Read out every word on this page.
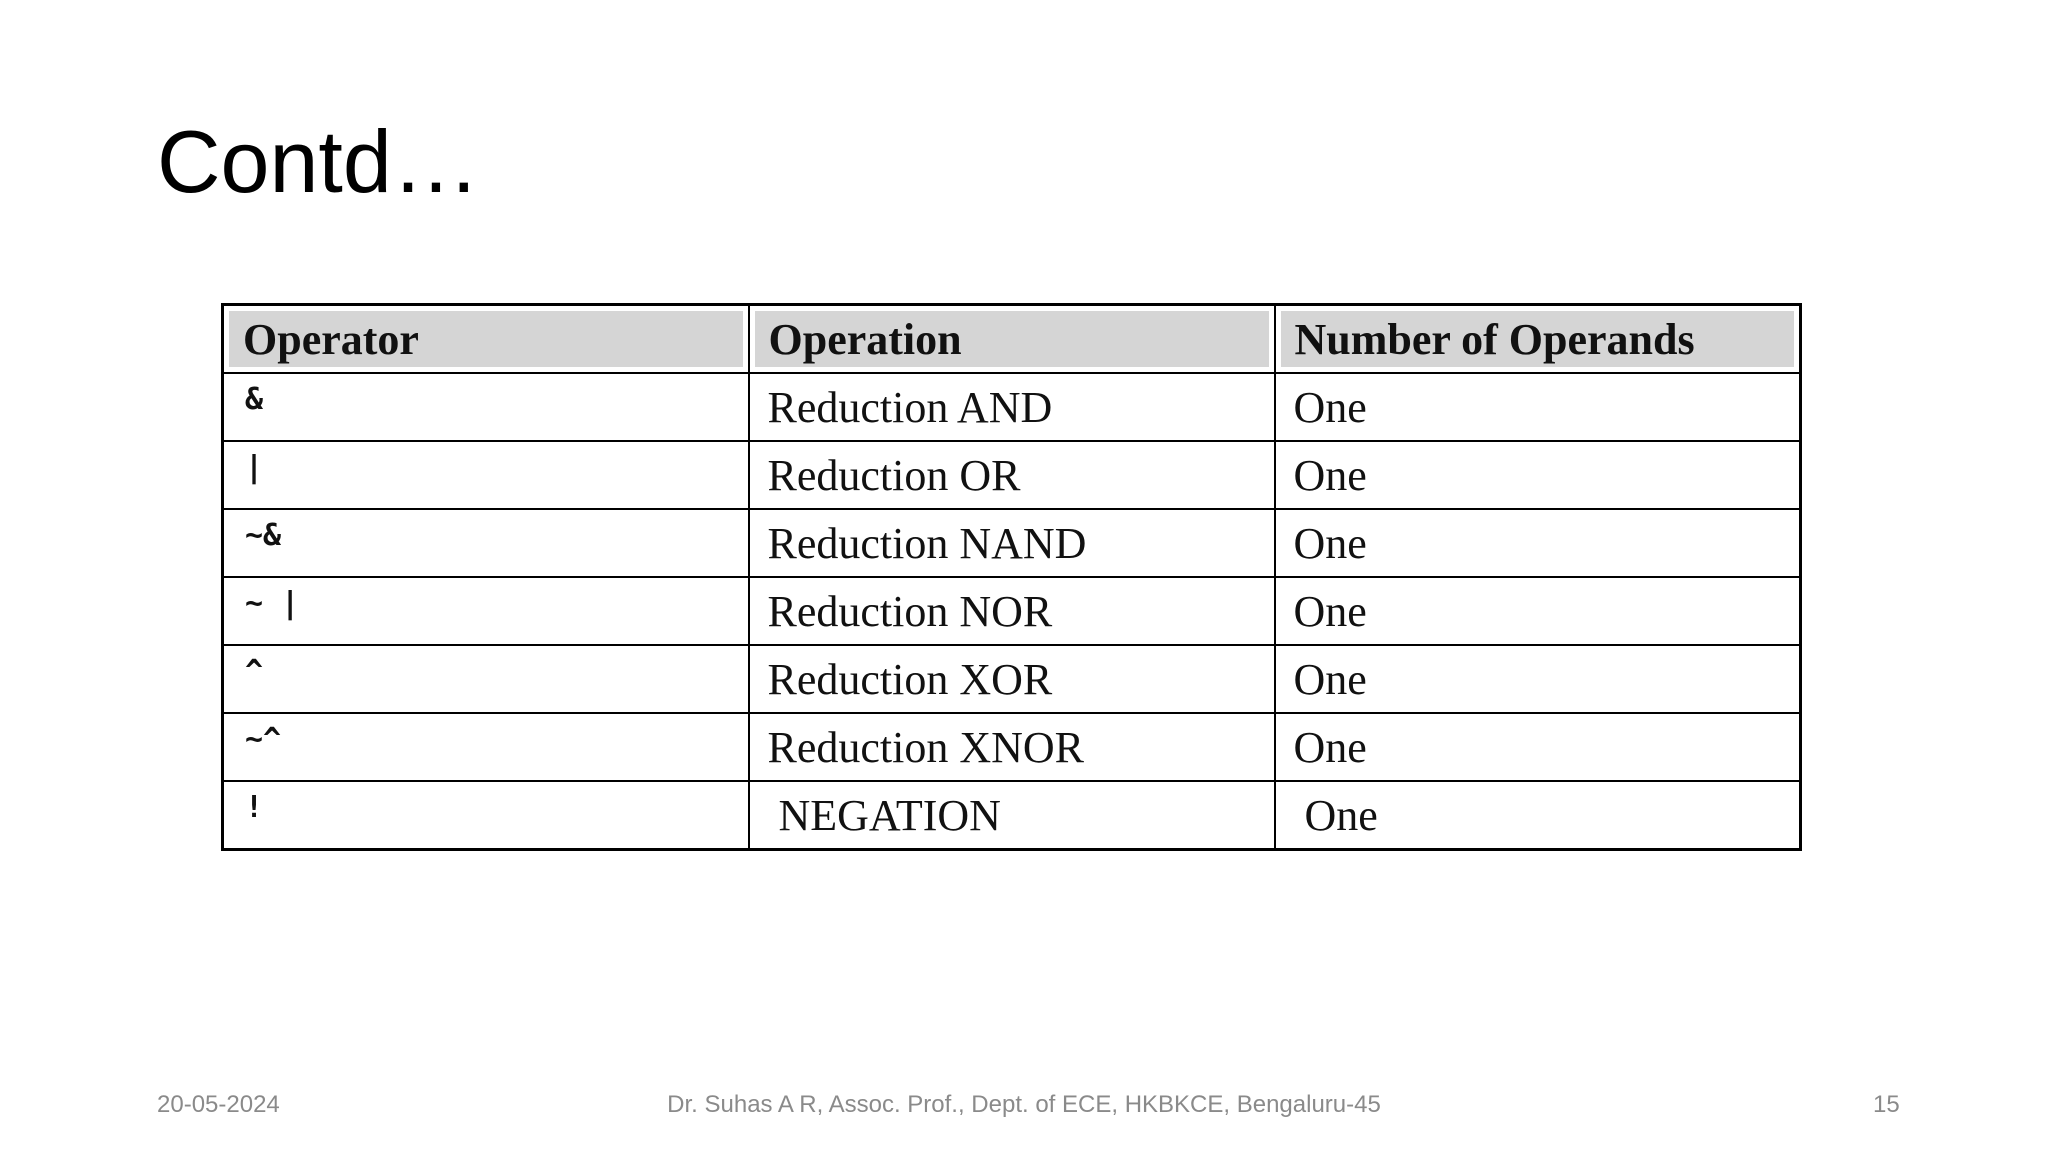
Contd…
Operator	Operation	Number of Operands

&	Reduction AND	One
|	Reduction OR	One
~&	Reduction NAND	One
~ |	Reduction NOR	One
^	Reduction XOR	One
~^	Reduction XNOR	One
!	NEGATION	One
20-05-2024	Dr. Suhas A R, Assoc. Prof., Dept. of ECE, HKBKCE, Bengaluru-45	15
